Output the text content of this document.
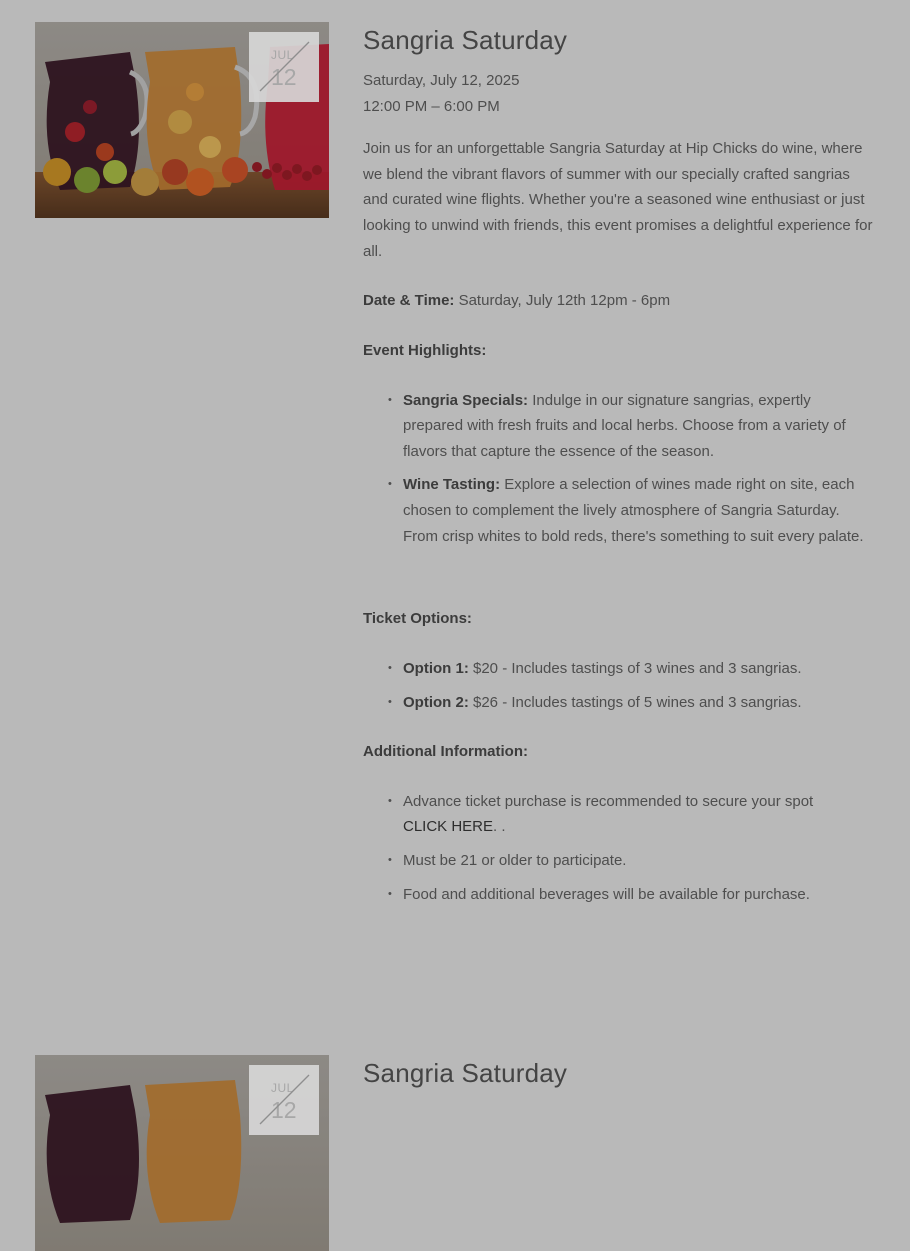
JUL
12
Sangria Saturday
Saturday, July 12, 2025
12:00 PM – 6:00 PM
Join us for an unforgettable Sangria Saturday at Hip Chicks do wine, where we blend the vibrant flavors of summer with our specially crafted sangrias and curated wine flights. Whether you're a seasoned wine enthusiast or just looking to unwind with friends, this event promises a delightful experience for all.
Date & Time: Saturday, July 12th 12pm - 6pm
Event Highlights:
• Sangria Specials: Indulge in our signature sangrias, expertly prepared with fresh fruits and local herbs. Choose from a variety of flavors that capture the essence of the season.
• Wine Tasting: Explore a selection of wines made right on site, each chosen to complement the lively atmosphere of Sangria Saturday. From crisp whites to bold reds, there's something to suit every palate.
Ticket Options:
• Option 1: $20 - Includes tastings of 3 wines and 3 sangrias.
• Option 2: $26 - Includes tastings of 5 wines and 3 sangrias.
Additional Information:
• Advance ticket purchase is recommended to secure your spot
CLICK HERE. .
• Must be 21 or older to participate.
• Food and additional beverages will be available for purchase.
JUL
12
Sangria Saturday
